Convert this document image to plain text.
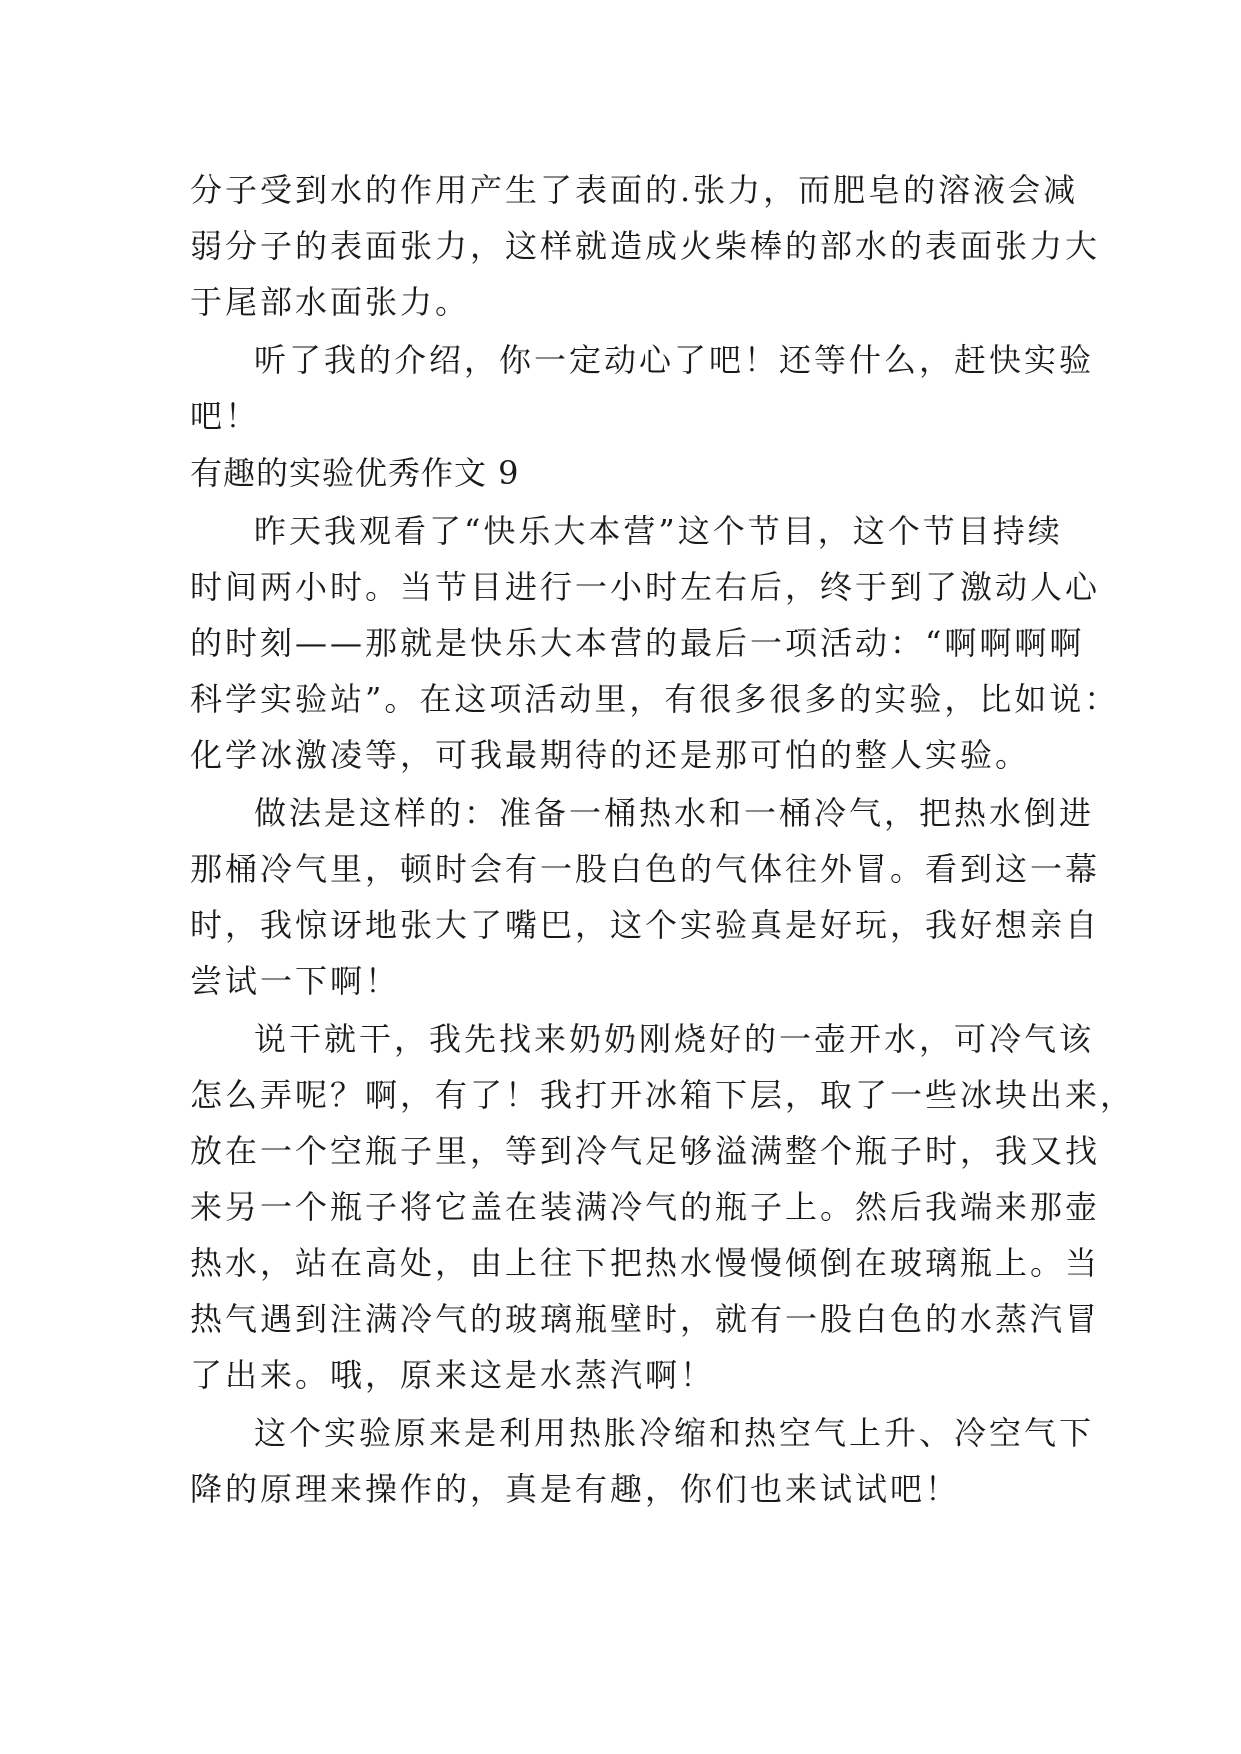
分子受到水的作用产生了表面的.张力，而肥皂的溶液会减
弱分子的表面张力，这样就造成火柴棒的部水的表面张力大
于尾部水面张力。
听了我的介绍，你一定动心了吧！还等什么，赶快实验
吧！
有趣的实验优秀作文 9
昨天我观看了“快乐大本营”这个节目，这个节目持续
时间两小时。当节目进行一小时左右后，终于到了激动人心
的时刻——那就是快乐大本营的最后一项活动：“啊啊啊啊
科学实验站”。在这项活动里，有很多很多的实验，比如说：
化学冰激凌等，可我最期待的还是那可怕的整人实验。
做法是这样的：准备一桶热水和一桶冷气，把热水倒进
那桶冷气里，顿时会有一股白色的气体往外冒。看到这一幕
时，我惊讶地张大了嘴巴，这个实验真是好玩，我好想亲自
尝试一下啊！
说干就干，我先找来奶奶刚烧好的一壶开水，可冷气该
怎么弄呢？啊，有了！我打开冰箱下层，取了一些冰块出来，
放在一个空瓶子里，等到冷气足够溢满整个瓶子时，我又找
来另一个瓶子将它盖在装满冷气的瓶子上。然后我端来那壶
热水，站在高处，由上往下把热水慢慢倾倒在玻璃瓶上。当
热气遇到注满冷气的玻璃瓶壁时，就有一股白色的水蒸汽冒
了出来。哦，原来这是水蒸汽啊！
这个实验原来是利用热胀冷缩和热空气上升、冷空气下
降的原理来操作的，真是有趣，你们也来试试吧！
